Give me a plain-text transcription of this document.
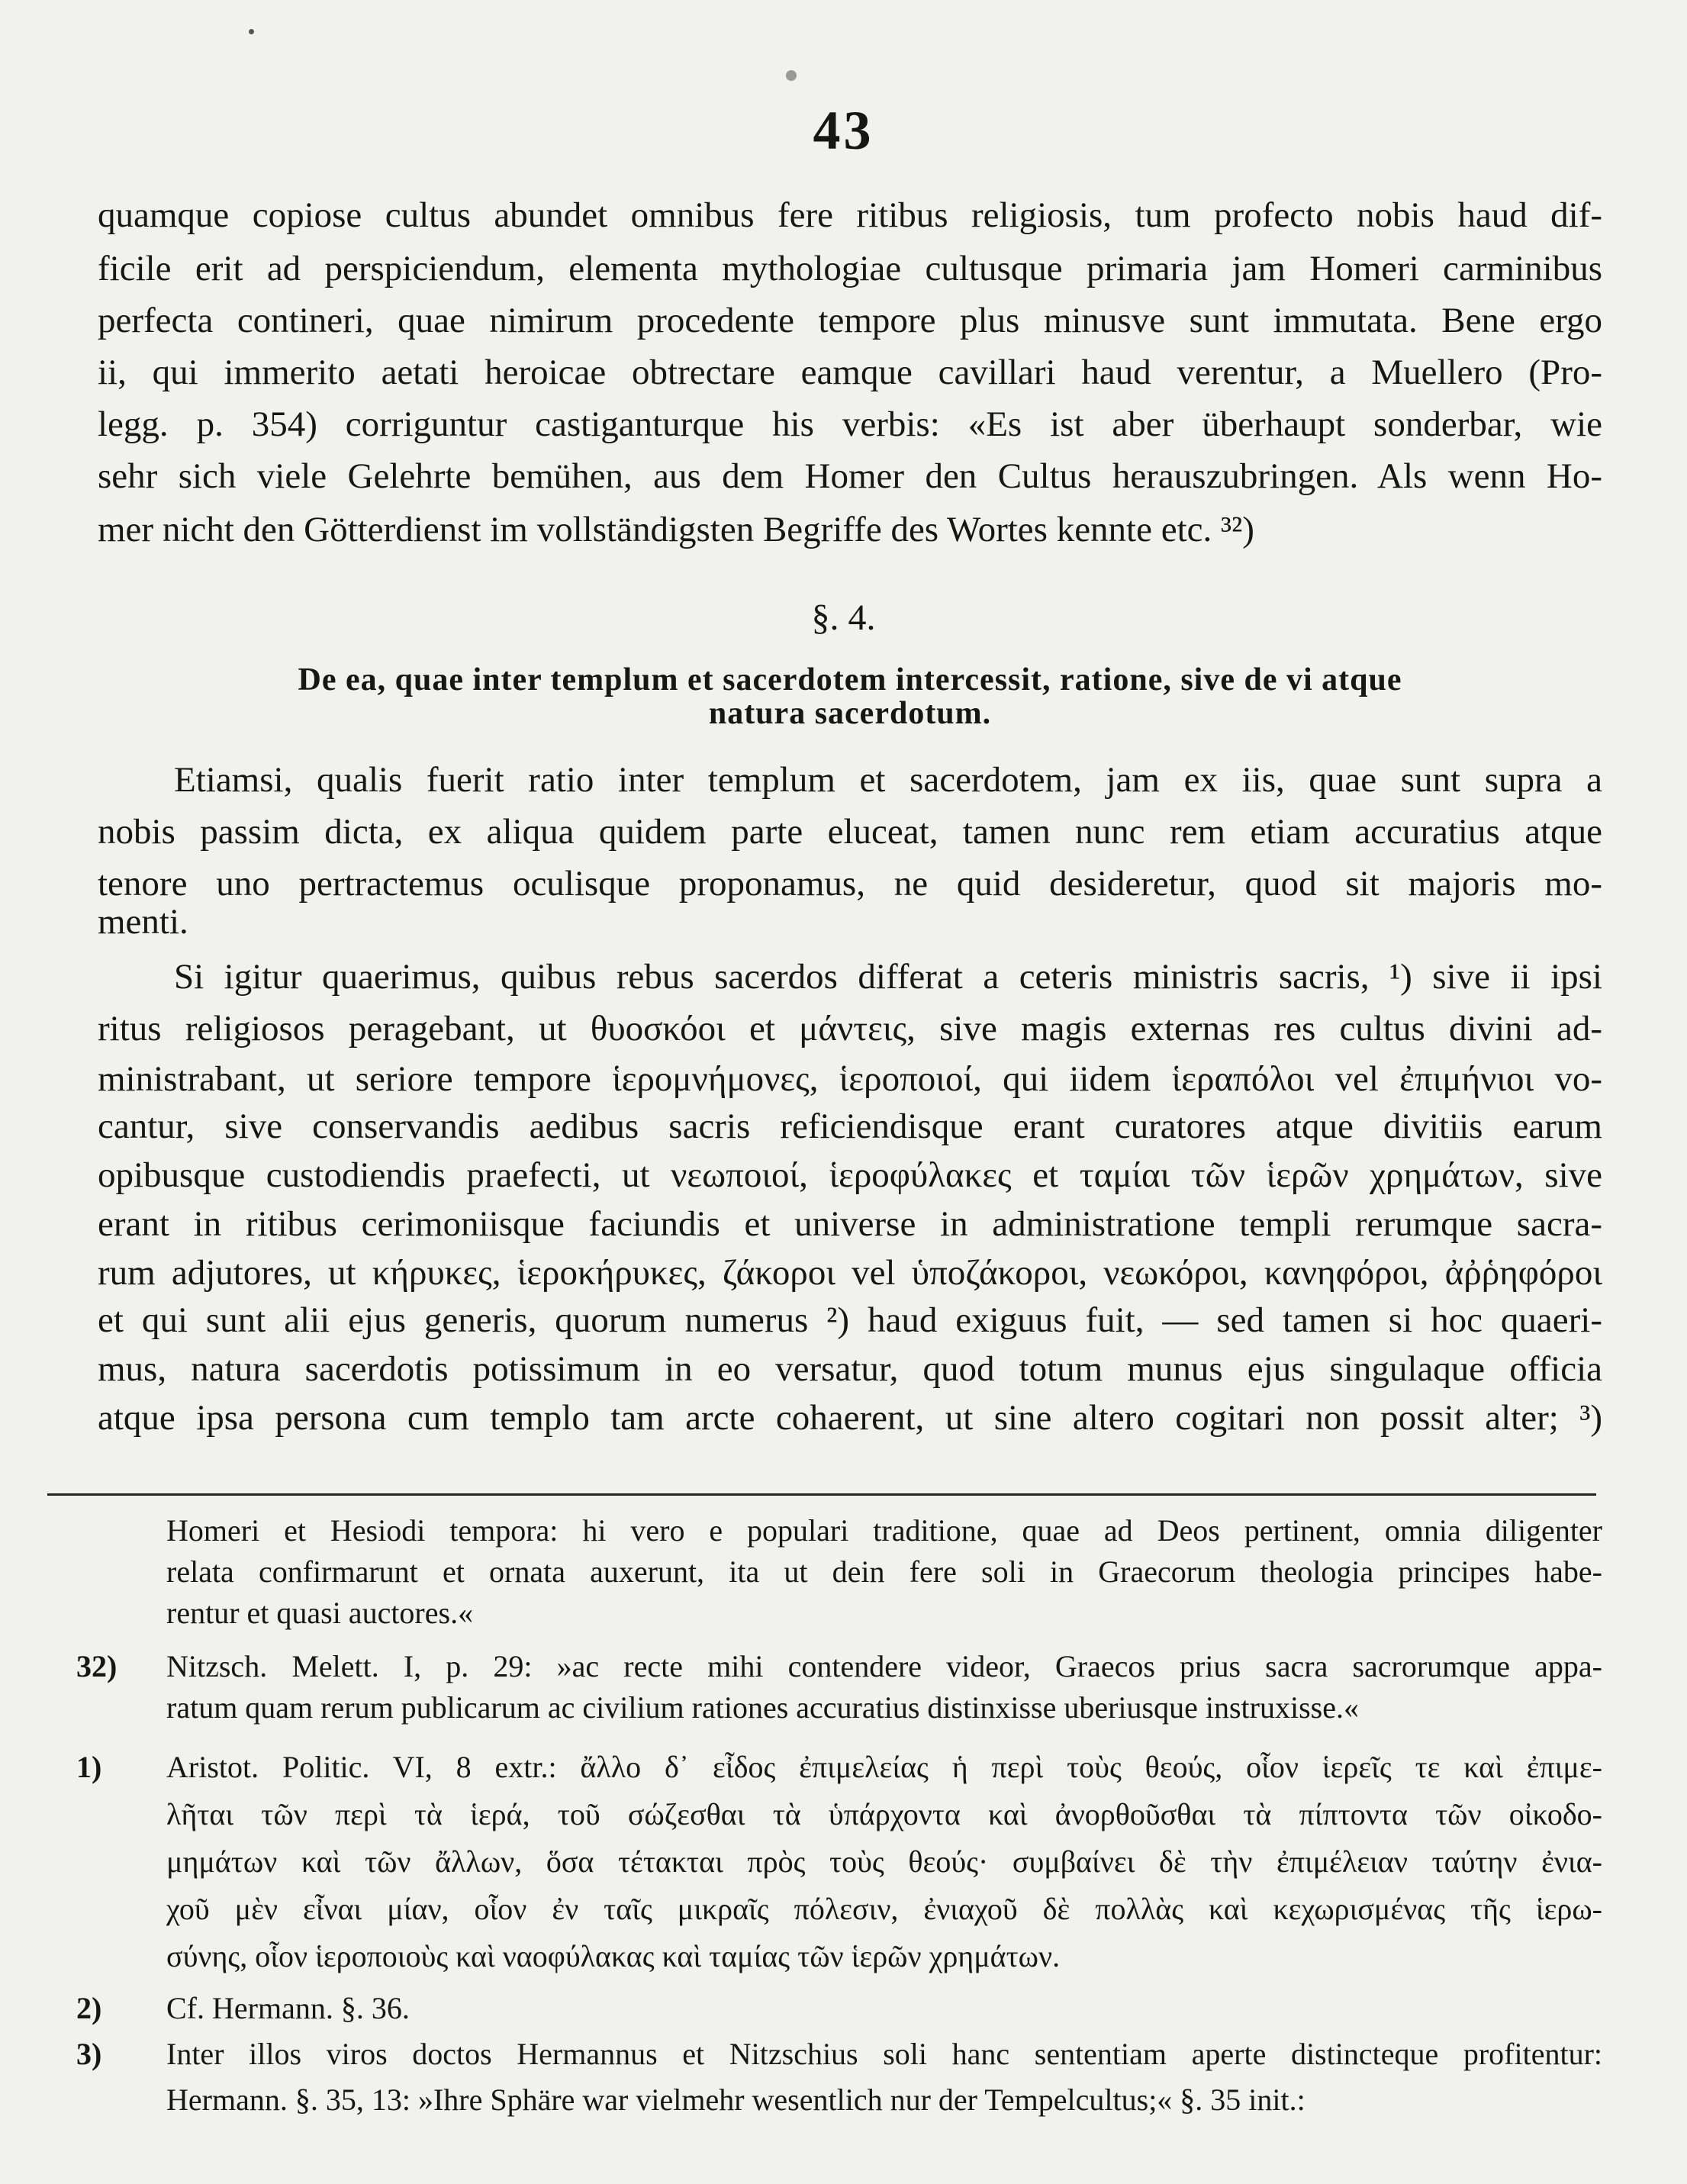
43
quamque copiose cultus abundet omnibus fere ritibus religiosis, tum profecto nobis haud dif-
ficile erit ad perspiciendum, elementa mythologiae cultusque primaria jam Homeri carminibus
perfecta contineri, quae nimirum procedente tempore plus minusve sunt immutata. Bene ergo
ii, qui immerito aetati heroicae obtrectare eamque cavillari haud verentur, a Muellero (Pro-
legg. p. 354) corriguntur castiganturque his verbis: «Es ist aber überhaupt sonderbar, wie
sehr sich viele Gelehrte bemühen, aus dem Homer den Cultus herauszubringen. Als wenn Ho-
mer nicht den Götterdienst im vollständigsten Begriffe des Wortes kennte etc. ³²)
§. 4.
De ea, quae inter templum et sacerdotem intercessit, ratione, sive de vi atque
natura sacerdotum.
Etiamsi, qualis fuerit ratio inter templum et sacerdotem, jam ex iis, quae sunt supra a
nobis passim dicta, ex aliqua quidem parte eluceat, tamen nunc rem etiam accuratius atque
tenore uno pertractemus oculisque proponamus, ne quid desideretur, quod sit majoris mo-
menti.
Si igitur quaerimus, quibus rebus sacerdos differat a ceteris ministris sacris, ¹) sive ii ipsi
ritus religiosos peragebant, ut θυοσκόοι et μάντεις, sive magis externas res cultus divini ad-
ministrabant, ut seriore tempore ἱερομνήμονες, ἱεροποιοί, qui iidem ἱεραπόλοι vel ἐπιμήνιοι vo-
cantur, sive conservandis aedibus sacris reficiendisque erant curatores atque divitiis earum
opibusque custodiendis praefecti, ut νεωποιοί, ἱεροφύλακες et ταμίαι τῶν ἱερῶν χρημάτων, sive
erant in ritibus cerimoniisque faciundis et universe in administratione templi rerumque sacra-
rum adjutores, ut κήρυκες, ἱεροκήρυκες, ζάκοροι vel ὑποζάκοροι, νεωκόροι, κανηφόροι, ἀῤῥηφόροι
et qui sunt alii ejus generis, quorum numerus ²) haud exiguus fuit, — sed tamen si hoc quaeri-
mus, natura sacerdotis potissimum in eo versatur, quod totum munus ejus singulaque officia
atque ipsa persona cum templo tam arcte cohaerent, ut sine altero cogitari non possit alter; ³)
Homeri et Hesiodi tempora: hi vero e populari traditione, quae ad Deos pertinent, omnia diligenter
relata confirmarunt et ornata auxerunt, ita ut dein fere soli in Graecorum theologia principes habe-
rentur et quasi auctores.«
32)	Nitzsch. Melett. I, p. 29: »ac recte mihi contendere videor, Graecos prius sacra sacrorumque appa-
ratum quam rerum publicarum ac civilium rationes accuratius distinxisse uberiusque instruxisse.«
1)	Aristot. Politic. VI, 8 extr.: ἄλλο δ᾽ εἶδος ἐπιμελείας ἡ περὶ τοὺς θεούς, οἷον ἱερεῖς τε καὶ ἐπιμε-
λῆται τῶν περὶ τὰ ἱερά, τοῦ σώζεσθαι τὰ ὑπάρχοντα καὶ ἀνορθοῦσθαι τὰ πίπτοντα τῶν οἰκοδο-
μημάτων καὶ τῶν ἄλλων, ὅσα τέτακται πρὸς τοὺς θεούς· συμβαίνει δὲ τὴν ἐπιμέλειαν ταύτην ἐνια-
χοῦ μὲν εἶναι μίαν, οἷον ἐν ταῖς μικραῖς πόλεσιν, ἐνιαχοῦ δὲ πολλὰς καὶ κεχωρισμένας τῆς ἱερω-
σύνης, οἷον ἱεροποιοὺς καὶ ναοφύλακας καὶ ταμίας τῶν ἱερῶν χρημάτων.
2)	Cf. Hermann. §. 36.
3)	Inter illos viros doctos Hermannus et Nitzschius soli hanc sententiam aperte distincteque profitentur:
Hermann. §. 35, 13: »Ihre Sphäre war vielmehr wesentlich nur der Tempelcultus;« §. 35 init.:
